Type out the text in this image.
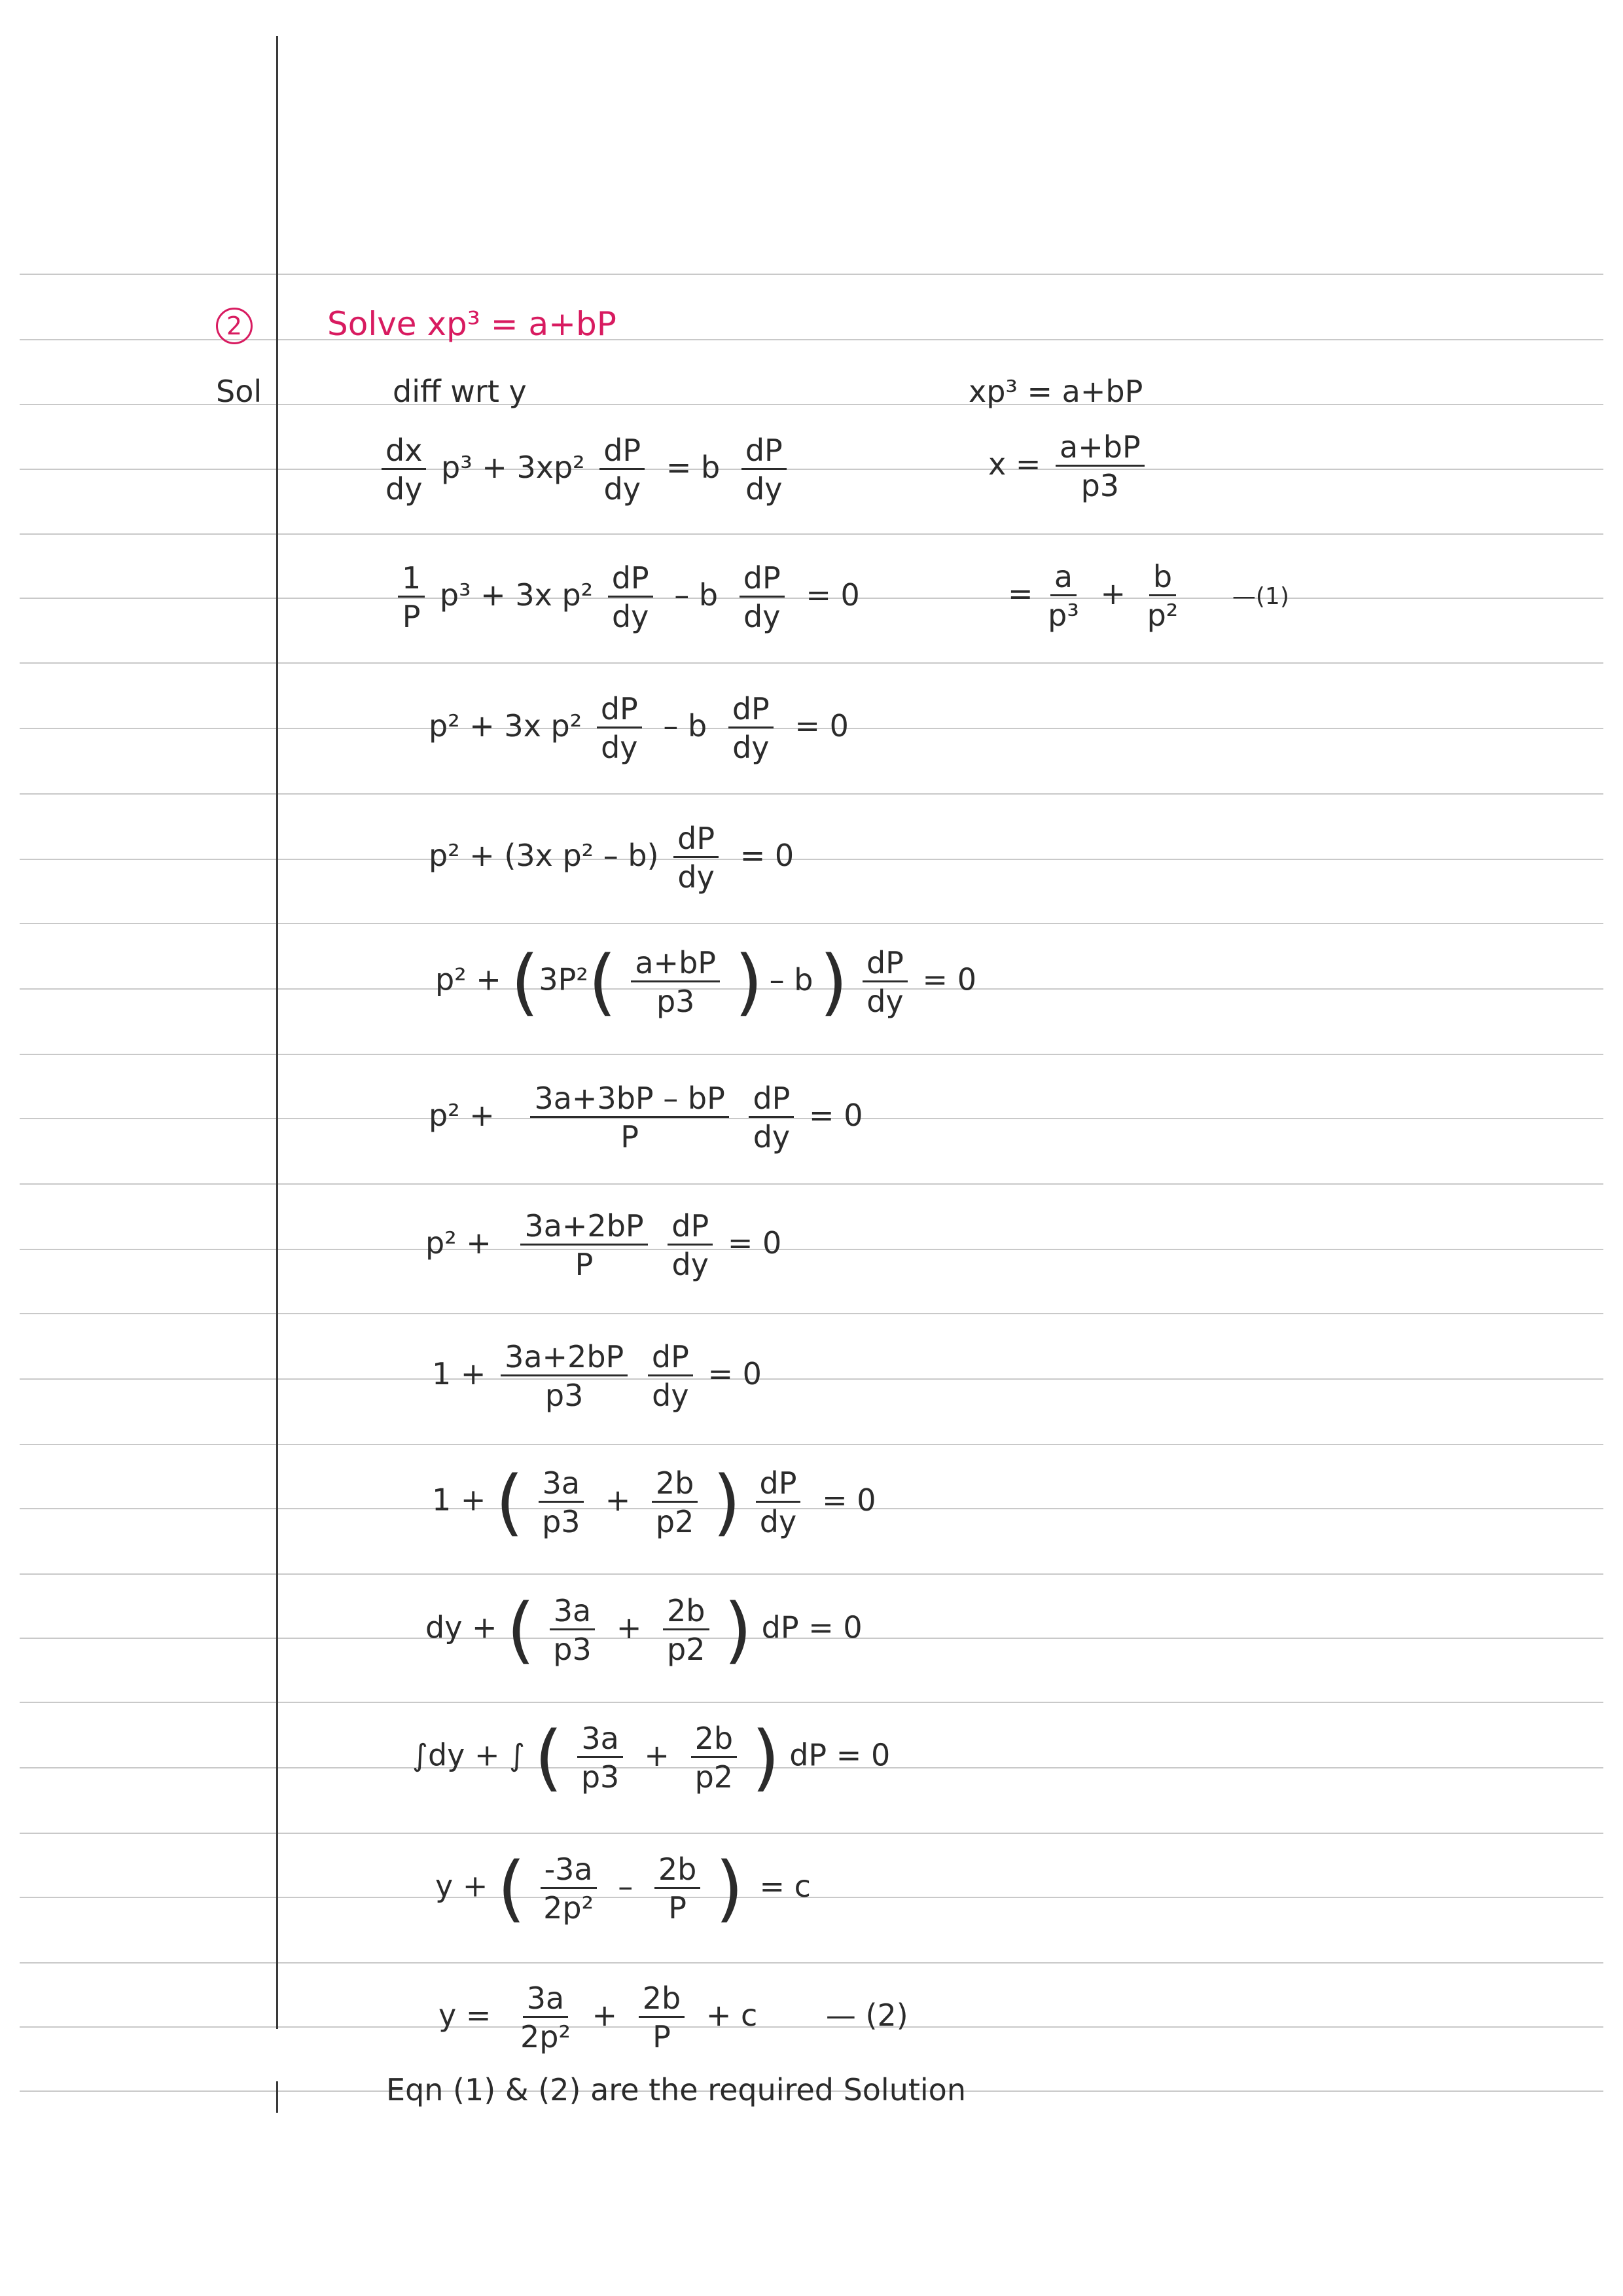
2	Solve xp³ = a+bP
Sol	xp³ = a+bP
$x = \frac{a+bP}{p3}$
= $\frac{a}{\text{p³}} + \frac{b}{\text{p²}}$ —(1)
diff wrt y
$\frac{dx}{dy} p^3 + 3xp^2 \frac{dP}{dy} = b \frac{dP}{dy}$
$\frac{1}{P} p^3 + 3x$ $p^2 \frac{dP}{dy} - b \frac{dP}{dy} = 0$
p² + 3x $p^2 \frac{dP}{dy} - b \frac{dP}{dy} = 0$
p² + (3x $p^2 - b) \frac{dP}{dy} = 0$
$p^2 + (3P^2( \frac{a+bP}{p3}$ ) – $b) \frac{dP}{dy} = 0$
$p^2 + \frac{3a+3bP - bP}{P}$
$\frac{dP}{dy} = 0$
$p^2 + \frac{3a+2bP}{P}$
$\frac{dP}{dy} = 0$
$1 + \frac{3a+2bP}{p3}$
$\frac{dP}{dy} = 0$
1 + ( $\frac{3a}{p3} + \frac{2b}{p2}$ ) $\frac{dP}{dy} = 0$
dy + ( $\frac{3a}{p3} + \frac{2b}{p2}$ ) dP = 0
∫dy + ∫ ( $\frac{3a}{p3} + \frac{2b}{p2}$ ) dP = 0
y + ( $\frac{-3a}{\text{2p²}} - \frac{2b}{P}$ ) = c
$y = \frac{3a}{\text{2p²}} + \frac{2b}{P} + c$ — (2)
Eqn (1) & (2) are the required Solution
